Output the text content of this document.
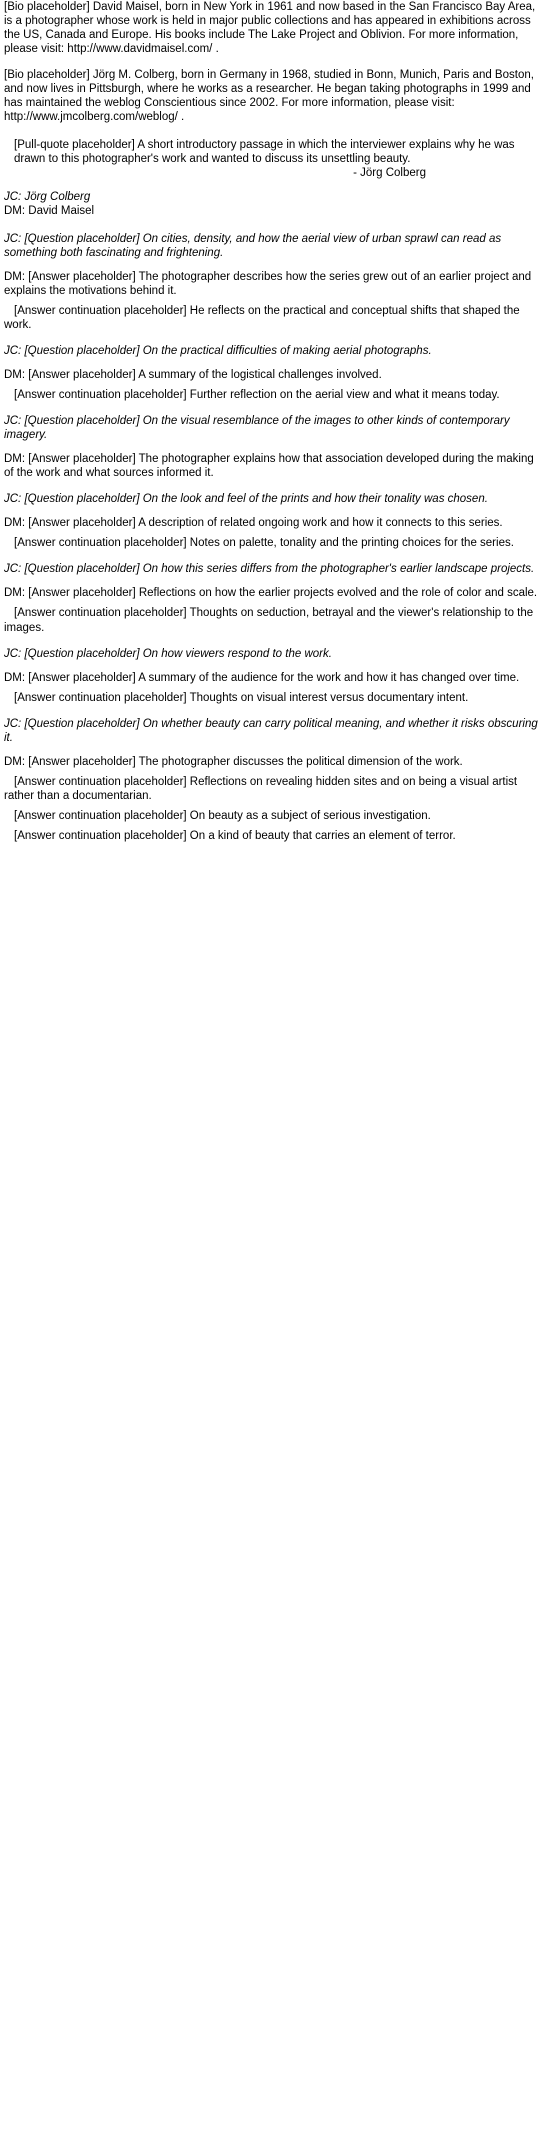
[Bio placeholder] David Maisel, born in New York in 1961 and now based in the San Francisco Bay Area, is a photographer whose work is held in major public collections and has appeared in exhibitions across the US, Canada and Europe. His books include The Lake Project and Oblivion. For more information, please visit: http://www.davidmaisel.com/ .

[Bio placeholder] Jörg M. Colberg, born in Germany in 1968, studied in Bonn, Munich, Paris and Boston, and now lives in Pittsburgh, where he works as a researcher. He began taking photographs in 1999 and has maintained the weblog Conscientious since 2002. For more information, please visit: http://www.jmcolberg.com/weblog/ .

[Pull-quote placeholder] A short introductory passage in which the interviewer explains why he was drawn to this photographer's work and wanted to discuss its unsettling beauty.
- Jörg Colberg
JC: Jörg Colberg
DM: David Maisel

JC: [Question placeholder] On cities, density, and how the aerial view of urban sprawl can read as something both fascinating and frightening.

DM: [Answer placeholder] The photographer describes how the series grew out of an earlier project and explains the motivations behind it.

[Answer continuation placeholder] He reflects on the practical and conceptual shifts that shaped the work.

JC: [Question placeholder] On the practical difficulties of making aerial photographs.

DM: [Answer placeholder] A summary of the logistical challenges involved.

[Answer continuation placeholder] Further reflection on the aerial view and what it means today.

JC: [Question placeholder] On the visual resemblance of the images to other kinds of contemporary imagery.

DM: [Answer placeholder] The photographer explains how that association developed during the making of the work and what sources informed it.

JC: [Question placeholder] On the look and feel of the prints and how their tonality was chosen.

DM: [Answer placeholder] A description of related ongoing work and how it connects to this series.

[Answer continuation placeholder] Notes on palette, tonality and the printing choices for the series.

JC: [Question placeholder] On how this series differs from the photographer's earlier landscape projects.

DM: [Answer placeholder] Reflections on how the earlier projects evolved and the role of color and scale.

[Answer continuation placeholder] Thoughts on seduction, betrayal and the viewer's relationship to the images.

JC: [Question placeholder] On how viewers respond to the work.

DM: [Answer placeholder] A summary of the audience for the work and how it has changed over time.

[Answer continuation placeholder] Thoughts on visual interest versus documentary intent.

JC: [Question placeholder] On whether beauty can carry political meaning, and whether it risks obscuring it.

DM: [Answer placeholder] The photographer discusses the political dimension of the work.

[Answer continuation placeholder] Reflections on revealing hidden sites and on being a visual artist rather than a documentarian.

[Answer continuation placeholder] On beauty as a subject of serious investigation.

[Answer continuation placeholder] On a kind of beauty that carries an element of terror.
